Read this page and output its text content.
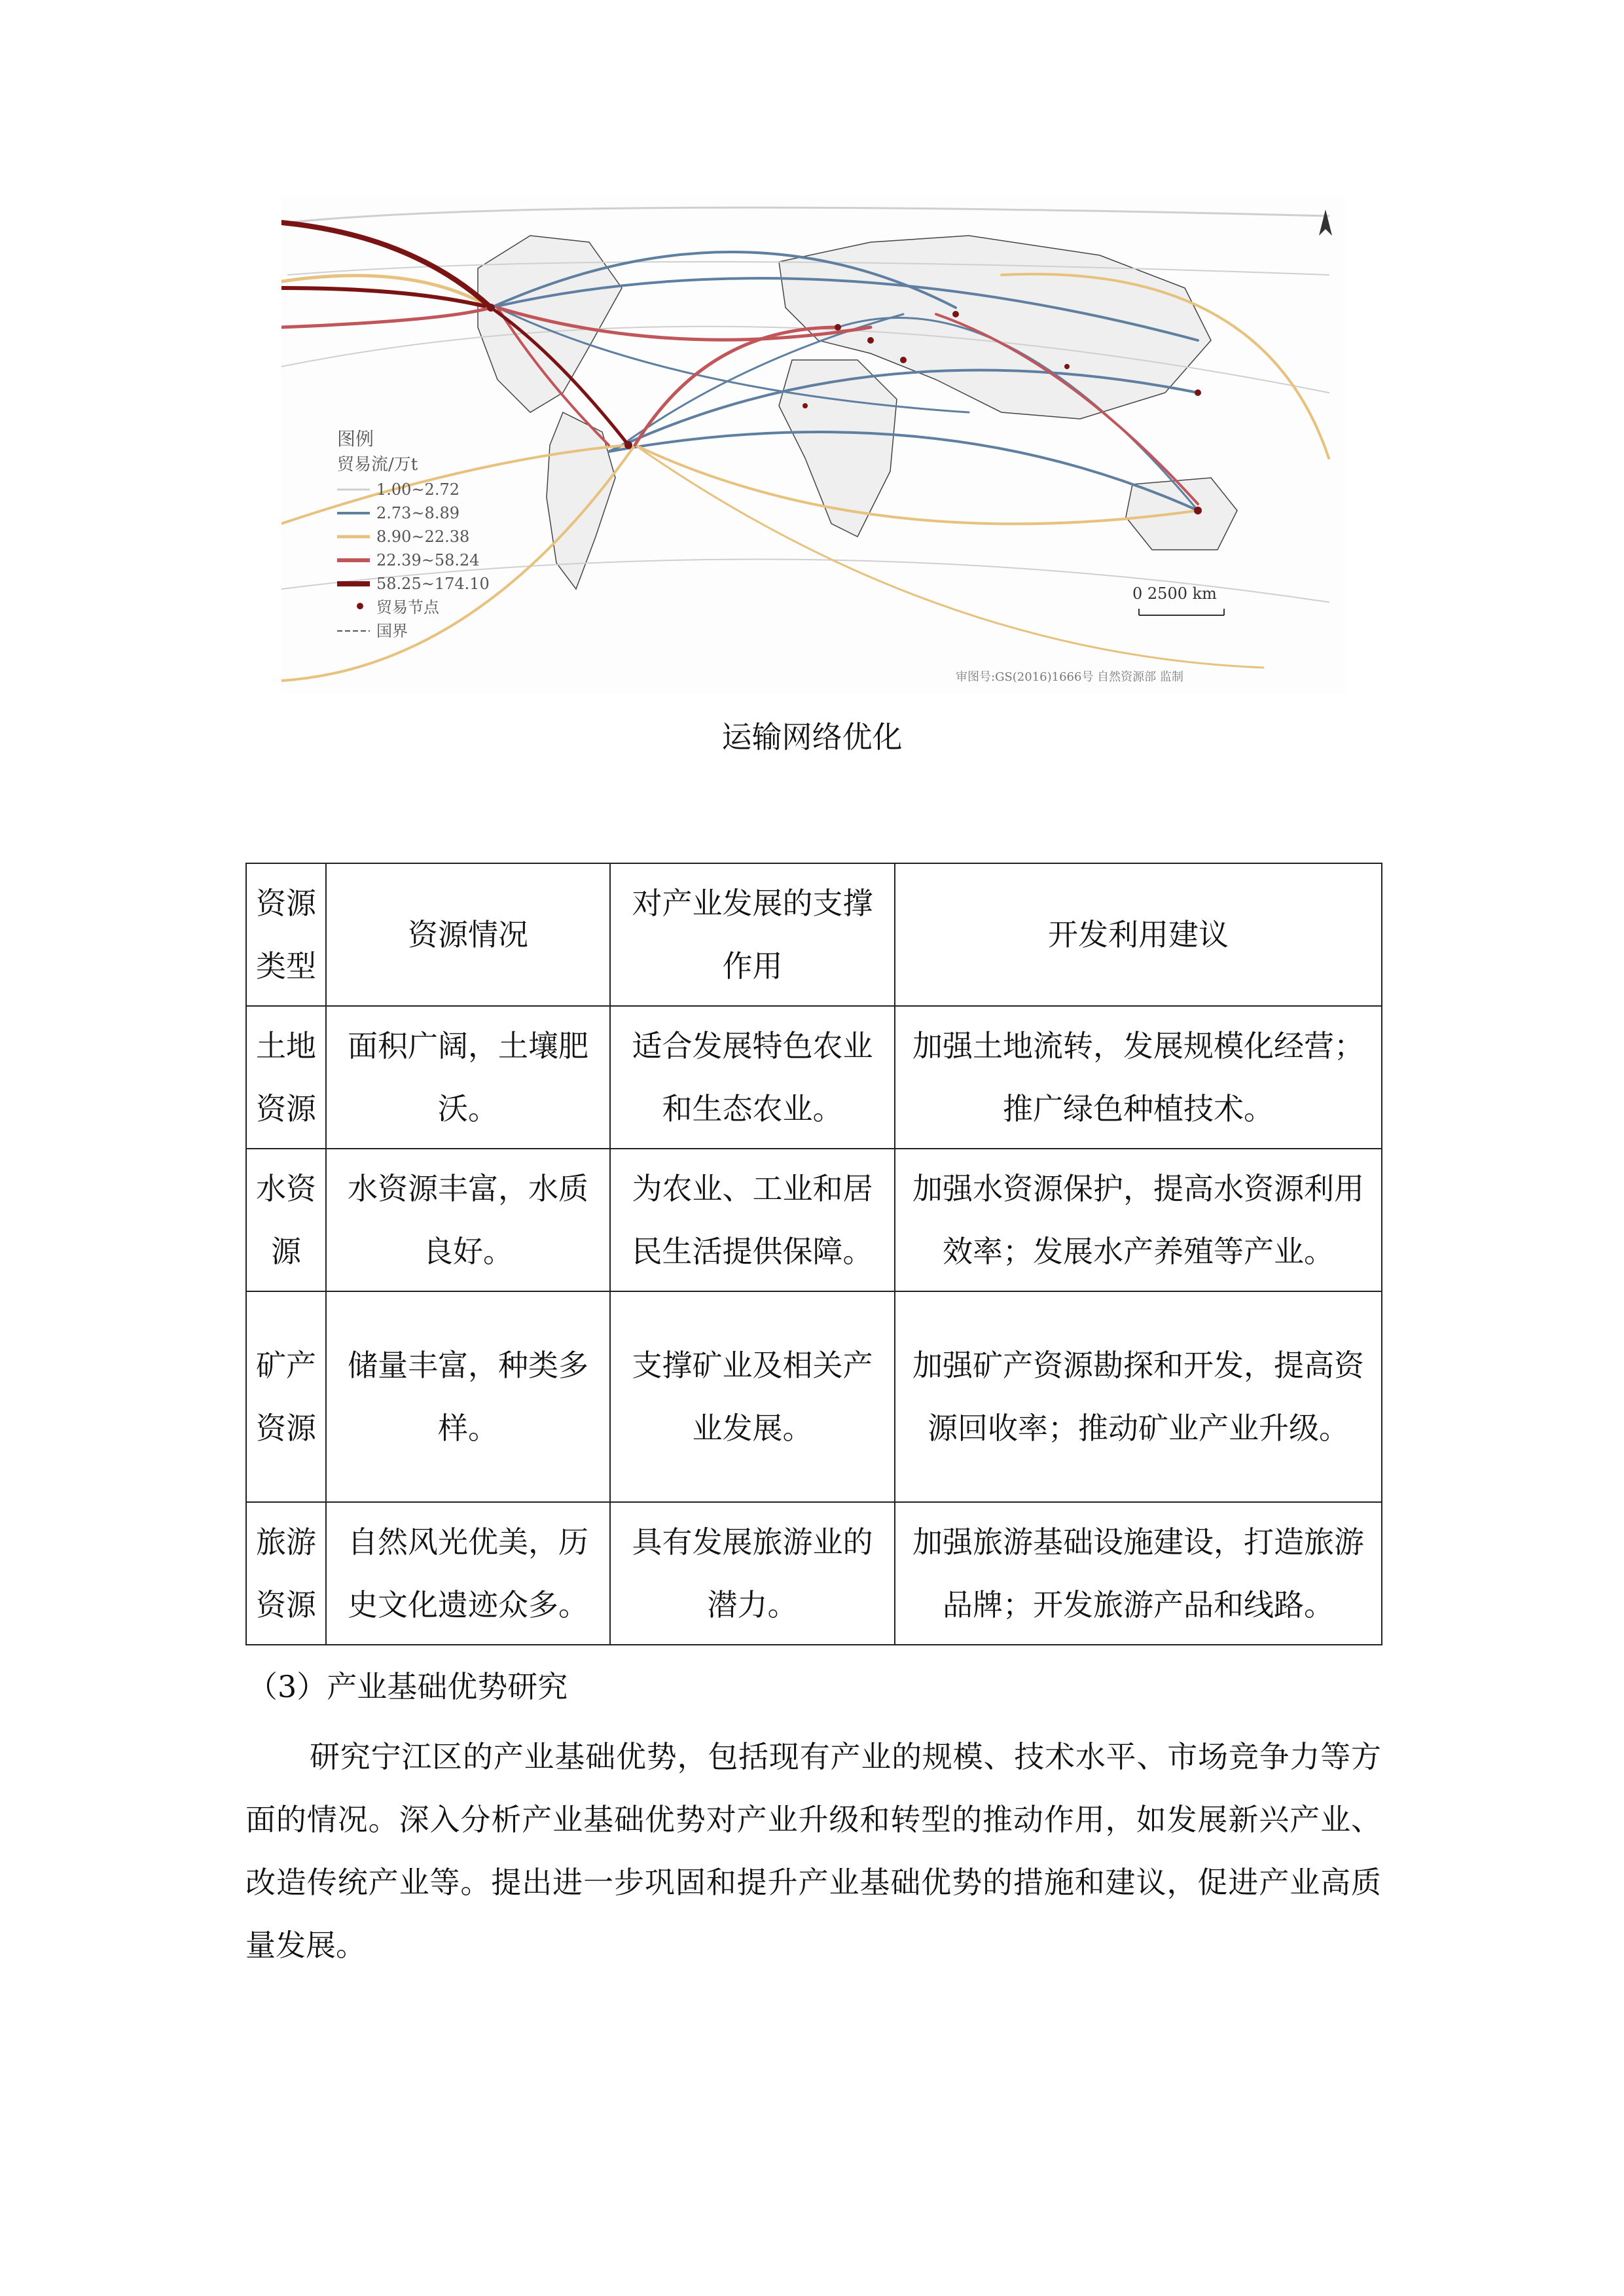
图例
贸易流/万t
1.00~2.72
2.73~8.89
8.90~22.38
22.39~58.24
58.25~174.10
贸易节点
国界
0 2500 km
审图号:GS(2016)1666号 自然资源部 监制
运输网络优化
资源类型	资源情况	对产业发展的支撑作用	开发利用建议
土地资源	面积广阔，土壤肥沃。	适合发展特色农业和生态农业。	加强土地流转，发展规模化经营；推广绿色种植技术。
水资源	水资源丰富，水质良好。	为农业、工业和居民生活提供保障。	加强水资源保护，提高水资源利用效率；发展水产养殖等产业。
矿产资源	储量丰富，种类多样。	支撑矿业及相关产业发展。	加强矿产资源勘探和开发，提高资源回收率；推动矿业产业升级。
旅游资源	自然风光优美，历史文化遗迹众多。	具有发展旅游业的潜力。	加强旅游基础设施建设，打造旅游品牌；开发旅游产品和线路。
（3）产业基础优势研究

研究宁江区的产业基础优势，包括现有产业的规模、技术水平、市场竞争力等方面的情况。深入分析产业基础优势对产业升级和转型的推动作用，如发展新兴产业、改造传统产业等。提出进一步巩固和提升产业基础优势的措施和建议，促进产业高质量发展。
